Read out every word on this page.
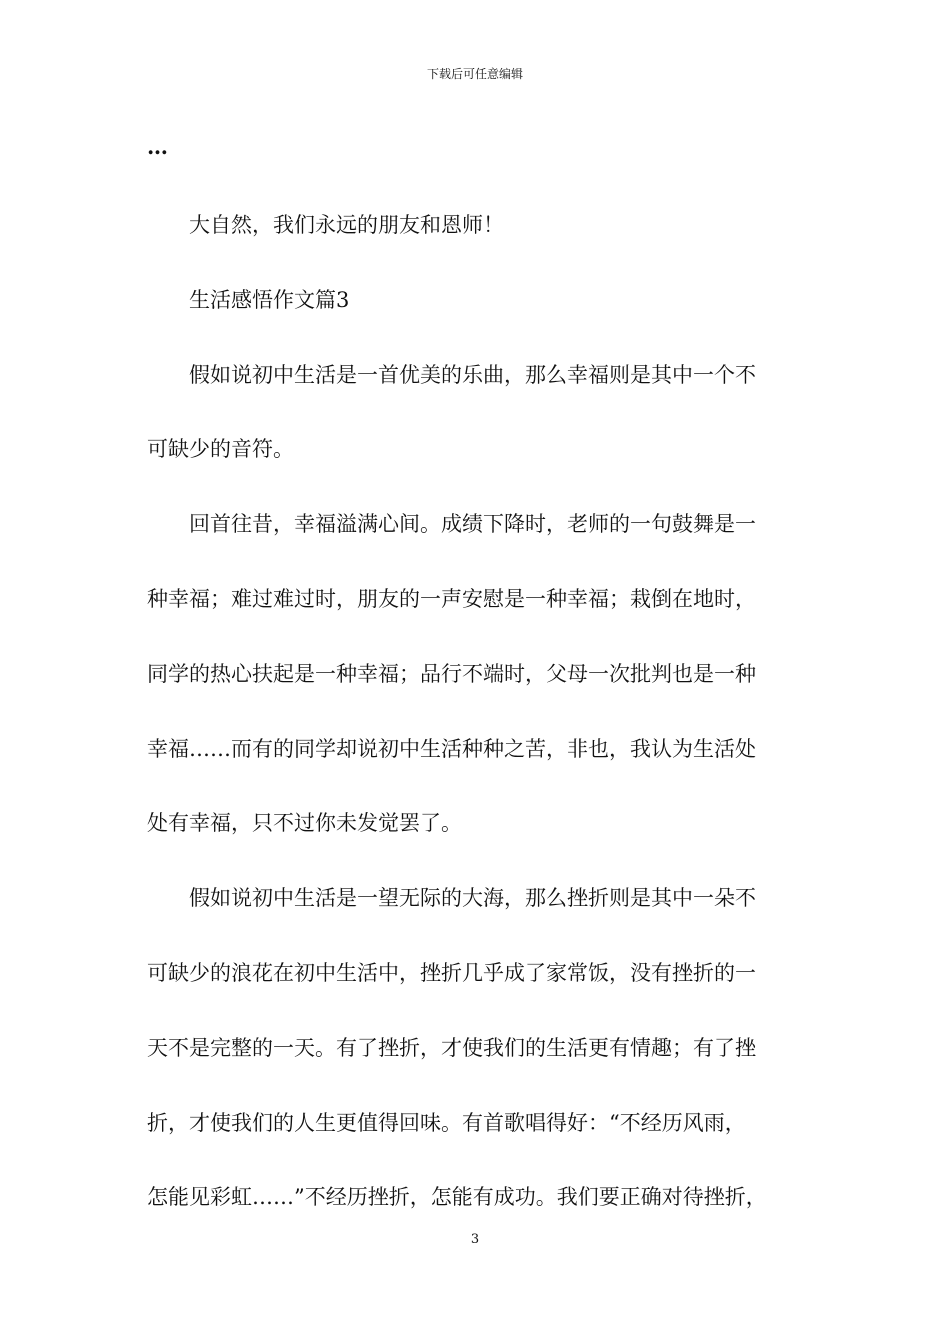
下载后可任意编辑
…
大自然，我们永远的朋友和恩师！
生活感悟作文篇3
假如说初中生活是一首优美的乐曲，那么幸福则是其中一个不
可缺少的音符。
回首往昔，幸福溢满心间。成绩下降时，老师的一句鼓舞是一
种幸福；难过难过时，朋友的一声安慰是一种幸福；栽倒在地时，
同学的热心扶起是一种幸福；品行不端时，父母一次批判也是一种
幸福……而有的同学却说初中生活种种之苦，非也，我认为生活处
处有幸福，只不过你未发觉罢了。
假如说初中生活是一望无际的大海，那么挫折则是其中一朵不
可缺少的浪花在初中生活中，挫折几乎成了家常饭，没有挫折的一
天不是完整的一天。有了挫折，才使我们的生活更有情趣；有了挫
折，才使我们的人生更值得回味。有首歌唱得好：“不经历风雨，
怎能见彩虹……”不经历挫折，怎能有成功。我们要正确对待挫折，
3
